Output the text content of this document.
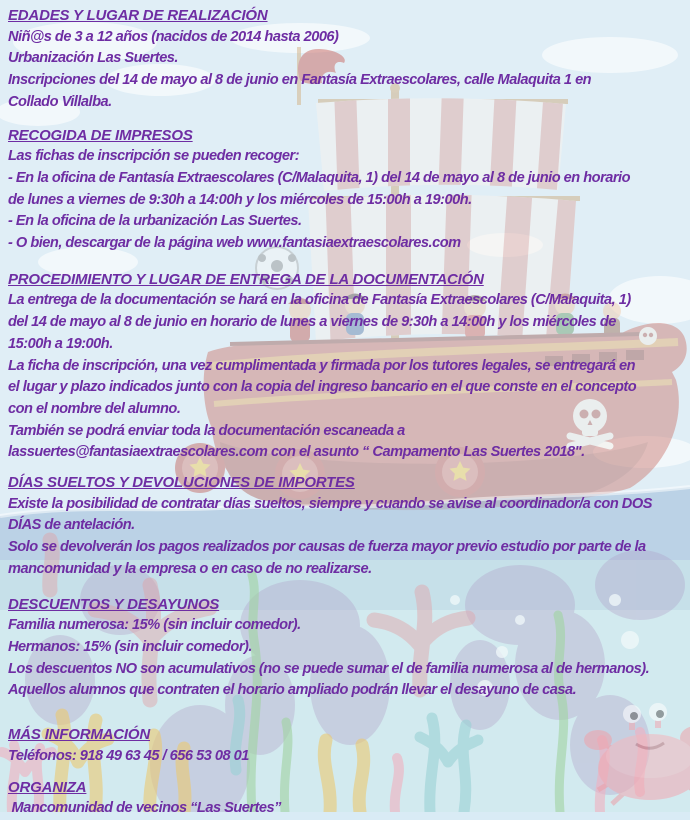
EDADES Y LUGAR DE REALIZACIÓN
Niñ@s de 3 a 12 años (nacidos de 2014 hasta 2006)
Urbanización Las Suertes.
Inscripciones del 14 de mayo al 8 de junio en Fantasía Extraescolares, calle Malaquita 1 en
Collado Villalba.
RECOGIDA DE IMPRESOS
Las fichas de inscripción se pueden recoger:
- En la oficina de Fantasía Extraescolares (C/Malaquita, 1) del 14 de mayo al 8 de junio en horario
de lunes a viernes de 9:30h a 14:00h y los miércoles de 15:00h a 19:00h.
- En la oficina de la urbanización Las Suertes.
- O bien, descargar de la página web www.fantasiaextraescolares.com
PROCEDIMIENTO Y LUGAR DE ENTREGA DE LA DOCUMENTACIÓN
La entrega de la documentación se hará en la oficina de Fantasía Extraescolares (C/Malaquita, 1)
del 14 de mayo al 8 de junio en horario de lunes a viernes de 9:30h a 14:00h y los miércoles de
15:00h a 19:00h.
La ficha de inscripción, una vez cumplimentada y firmada por los tutores legales, se entregará en
el lugar y plazo indicados junto con la copia del ingreso bancario en el que conste en el concepto
con el nombre del alumno.
También se podrá enviar toda la documentación escaneada a
lassuertes@fantasiaextraescolares.com con el asunto “ Campamento Las Suertes 2018".
DÍAS SUELTOS Y DEVOLUCIONES DE IMPORTES
Existe la posibilidad de contratar días sueltos, siempre y cuando se avise al coordinador/a con DOS
DÍAS de antelación.
Solo se devolverán los pagos realizados por causas de fuerza mayor previo estudio por parte de la
mancomunidad y la empresa o en caso de no realizarse.
DESCUENTOS Y DESAYUNOS
Familia numerosa: 15% (sin incluir comedor).
Hermanos: 15% (sin incluir comedor).
Los descuentos NO son acumulativos (no se puede sumar el de familia numerosa al de hermanos).
Aquellos alumnos que contraten el horario ampliado podrán llevar el desayuno de casa.
MÁS INFORMACIÓN
Teléfonos: 918 49 63 45 / 656 53 08 01
ORGANIZA
Mancomunidad de vecinos “Las Suertes”
